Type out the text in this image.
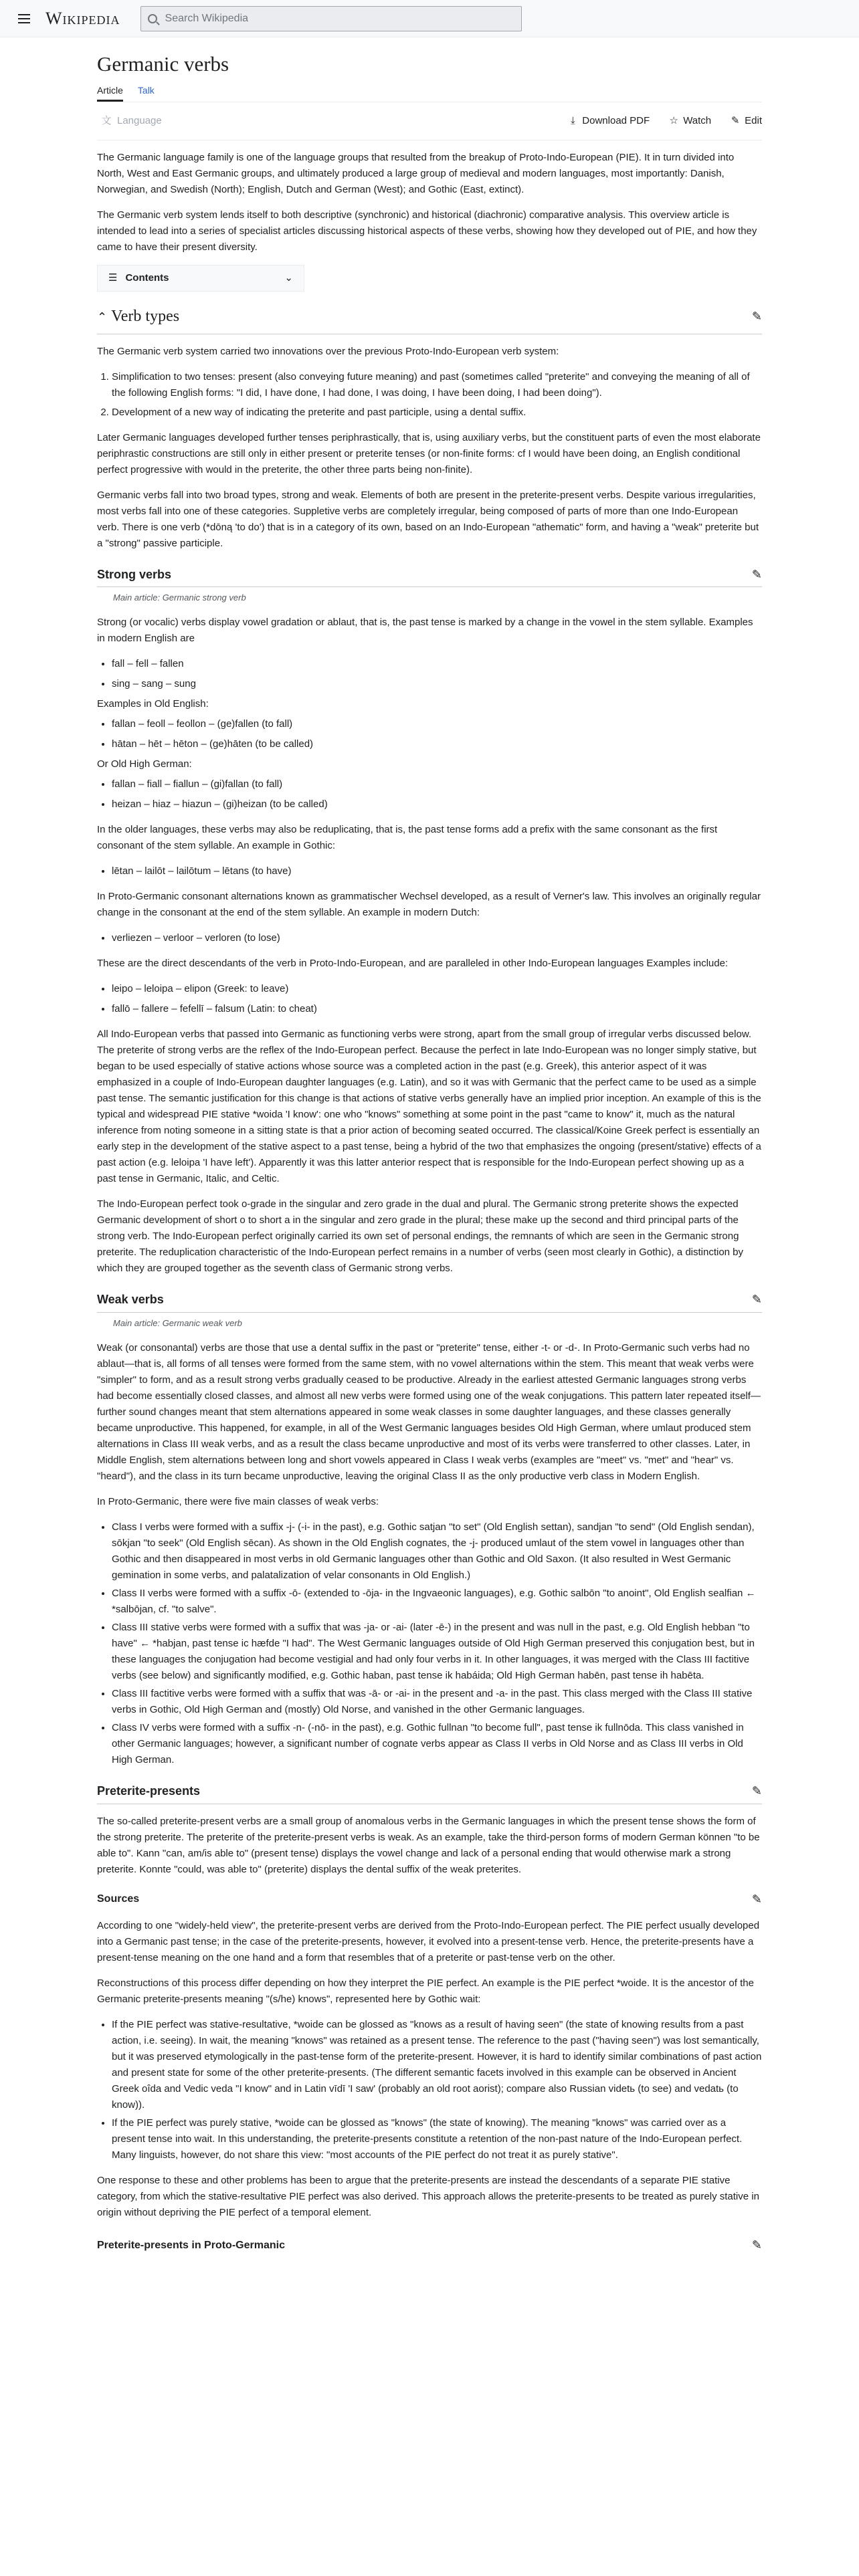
Wikipedia	Search Wikipedia
Germanic verbs
Article Talk
文 Language	⤓ Download PDF ☆ Watch ✎ Edit

The Germanic language family is one of the language groups that resulted from the breakup of Proto-Indo-European (PIE). It in turn divided into North, West and East Germanic groups, and ultimately produced a large group of medieval and modern languages, most importantly: Danish, Norwegian, and Swedish (North); English, Dutch and German (West); and Gothic (East, extinct).

The Germanic verb system lends itself to both descriptive (synchronic) and historical (diachronic) comparative analysis. This overview article is intended to lead into a series of specialist articles discussing historical aspects of these verbs, showing how they developed out of PIE, and how they came to have their present diversity.

☰ Contents	⌄
⌃ Verb types	✎

The Germanic verb system carried two innovations over the previous Proto-Indo-European verb system:

1. Simplification to two tenses: present (also conveying future meaning) and past (sometimes called "preterite" and conveying the meaning of all of the following English forms: "I did, I have done, I had done, I was doing, I have been doing, I had been doing").
2. Development of a new way of indicating the preterite and past participle, using a dental suffix.

Later Germanic languages developed further tenses periphrastically, that is, using auxiliary verbs, but the constituent parts of even the most elaborate periphrastic constructions are still only in either present or preterite tenses (or non-finite forms: cf I would have been doing, an English conditional perfect progressive with would in the preterite, the other three parts being non-finite).

Germanic verbs fall into two broad types, strong and weak. Elements of both are present in the preterite-present verbs. Despite various irregularities, most verbs fall into one of these categories. Suppletive verbs are completely irregular, being composed of parts of more than one Indo-European verb. There is one verb (*dōną 'to do') that is in a category of its own, based on an Indo-European "athematic" form, and having a "weak" preterite but a "strong" passive participle.

Strong verbs	✎
Main article: Germanic strong verb

Strong (or vocalic) verbs display vowel gradation or ablaut, that is, the past tense is marked by a change in the vowel in the stem syllable. Examples in modern English are

• fall – fell – fallen
• sing – sang – sung

Examples in Old English:

• fallan – feoll – feollon – (ge)fallen (to fall)
• hātan – hēt – hēton – (ge)hāten (to be called)

Or Old High German:

• fallan – fiall – fiallun – (gi)fallan (to fall)
• heizan – hiaz – hiazun – (gi)heizan (to be called)

In the older languages, these verbs may also be reduplicating, that is, the past tense forms add a prefix with the same consonant as the first consonant of the stem syllable. An example in Gothic:

• lētan – lailōt – lailōtum – lētans (to have)

In Proto-Germanic consonant alternations known as grammatischer Wechsel developed, as a result of Verner's law. This involves an originally regular change in the consonant at the end of the stem syllable. An example in modern Dutch:

• verliezen – verloor – verloren (to lose)

These are the direct descendants of the verb in Proto-Indo-European, and are paralleled in other Indo-European languages Examples include:

• leipo – leloipa – elipon (Greek: to leave)
• fallō – fallere – fefellī – falsum (Latin: to cheat)

All Indo-European verbs that passed into Germanic as functioning verbs were strong, apart from the small group of irregular verbs discussed below. The preterite of strong verbs are the reflex of the Indo-European perfect. Because the perfect in late Indo-European was no longer simply stative, but began to be used especially of stative actions whose source was a completed action in the past (e.g. Greek), this anterior aspect of it was emphasized in a couple of Indo-European daughter languages (e.g. Latin), and so it was with Germanic that the perfect came to be used as a simple past tense. The semantic justification for this change is that actions of stative verbs generally have an implied prior inception. An example of this is the typical and widespread PIE stative *woida 'I know': one who "knows" something at some point in the past "came to know" it, much as the natural inference from noting someone in a sitting state is that a prior action of becoming seated occurred. The classical/Koine Greek perfect is essentially an early step in the development of the stative aspect to a past tense, being a hybrid of the two that emphasizes the ongoing (present/stative) effects of a past action (e.g. leloipa 'I have left'). Apparently it was this latter anterior respect that is responsible for the Indo-European perfect showing up as a past tense in Germanic, Italic, and Celtic.

The Indo-European perfect took o-grade in the singular and zero grade in the dual and plural. The Germanic strong preterite shows the expected Germanic development of short o to short a in the singular and zero grade in the plural; these make up the second and third principal parts of the strong verb. The Indo-European perfect originally carried its own set of personal endings, the remnants of which are seen in the Germanic strong preterite. The reduplication characteristic of the Indo-European perfect remains in a number of verbs (seen most clearly in Gothic), a distinction by which they are grouped together as the seventh class of Germanic strong verbs.

Weak verbs	✎
Main article: Germanic weak verb

Weak (or consonantal) verbs are those that use a dental suffix in the past or "preterite" tense, either -t- or -d-. In Proto-Germanic such verbs had no ablaut—that is, all forms of all tenses were formed from the same stem, with no vowel alternations within the stem. This meant that weak verbs were "simpler" to form, and as a result strong verbs gradually ceased to be productive. Already in the earliest attested Germanic languages strong verbs had become essentially closed classes, and almost all new verbs were formed using one of the weak conjugations. This pattern later repeated itself—further sound changes meant that stem alternations appeared in some weak classes in some daughter languages, and these classes generally became unproductive. This happened, for example, in all of the West Germanic languages besides Old High German, where umlaut produced stem alternations in Class III weak verbs, and as a result the class became unproductive and most of its verbs were transferred to other classes. Later, in Middle English, stem alternations between long and short vowels appeared in Class I weak verbs (examples are "meet" vs. "met" and "hear" vs. "heard"), and the class in its turn became unproductive, leaving the original Class II as the only productive verb class in Modern English.

In Proto-Germanic, there were five main classes of weak verbs:

• Class I verbs were formed with a suffix -j- (-i- in the past), e.g. Gothic satjan "to set" (Old English settan), sandjan "to send" (Old English sendan), sōkjan "to seek" (Old English sēcan). As shown in the Old English cognates, the -j- produced umlaut of the stem vowel in languages other than Gothic and then disappeared in most verbs in old Germanic languages other than Gothic and Old Saxon. (It also resulted in West Germanic gemination in some verbs, and palatalization of velar consonants in Old English.)
• Class II verbs were formed with a suffix -ō- (extended to -ōja- in the Ingvaeonic languages), e.g. Gothic salbōn "to anoint", Old English sealfian ← *salbōjan, cf. "to salve".
• Class III stative verbs were formed with a suffix that was -ja- or -ai- (later -ē-) in the present and was null in the past, e.g. Old English hebban "to have" ← *habjan, past tense ic hæfde "I had". The West Germanic languages outside of Old High German preserved this conjugation best, but in these languages the conjugation had become vestigial and had only four verbs in it. In other languages, it was merged with the Class III factitive verbs (see below) and significantly modified, e.g. Gothic haban, past tense ik habáida; Old High German habēn, past tense ih habēta.
• Class III factitive verbs were formed with a suffix that was -ā- or -ai- in the present and -a- in the past. This class merged with the Class III stative verbs in Gothic, Old High German and (mostly) Old Norse, and vanished in the other Germanic languages.
• Class IV verbs were formed with a suffix -n- (-nō- in the past), e.g. Gothic fullnan "to become full", past tense ik fullnōda. This class vanished in other Germanic languages; however, a significant number of cognate verbs appear as Class II verbs in Old Norse and as Class III verbs in Old High German.
Preterite-presents	✎

The so-called preterite-present verbs are a small group of anomalous verbs in the Germanic languages in which the present tense shows the form of the strong preterite. The preterite of the preterite-present verbs is weak. As an example, take the third-person forms of modern German können "to be able to". Kann "can, am/is able to" (present tense) displays the vowel change and lack of a personal ending that would otherwise mark a strong preterite. Konnte "could, was able to" (preterite) displays the dental suffix of the weak preterites.

Sources	✎

According to one "widely-held view", the preterite-present verbs are derived from the Proto-Indo-European perfect. The PIE perfect usually developed into a Germanic past tense; in the case of the preterite-presents, however, it evolved into a present-tense verb. Hence, the preterite-presents have a present-tense meaning on the one hand and a form that resembles that of a preterite or past-tense verb on the other.

Reconstructions of this process differ depending on how they interpret the PIE perfect. An example is the PIE perfect *woide. It is the ancestor of the Germanic preterite-presents meaning "(s/he) knows", represented here by Gothic wait:

• If the PIE perfect was stative-resultative, *woide can be glossed as "knows as a result of having seen" (the state of knowing results from a past action, i.e. seeing). In wait, the meaning "knows" was retained as a present tense. The reference to the past ("having seen") was lost semantically, but it was preserved etymologically in the past-tense form of the preterite-present. However, it is hard to identify similar combinations of past action and present state for some of the other preterite-presents. (The different semantic facets involved in this example can be observed in Ancient Greek oîda and Vedic veda "I know" and in Latin vīdī 'I saw' (probably an old root aorist); compare also Russian videtь (to see) and vedatь (to know)).
• If the PIE perfect was purely stative, *woide can be glossed as "knows" (the state of knowing). The meaning "knows" was carried over as a present tense into wait. In this understanding, the preterite-presents constitute a retention of the non-past nature of the Indo-European perfect. Many linguists, however, do not share this view: "most accounts of the PIE perfect do not treat it as purely stative".

One response to these and other problems has been to argue that the preterite-presents are instead the descendants of a separate PIE stative category, from which the stative-resultative PIE perfect was also derived. This approach allows the preterite-presents to be treated as purely stative in origin without depriving the PIE perfect of a temporal element.

Preterite-presents in Proto-Germanic	✎
